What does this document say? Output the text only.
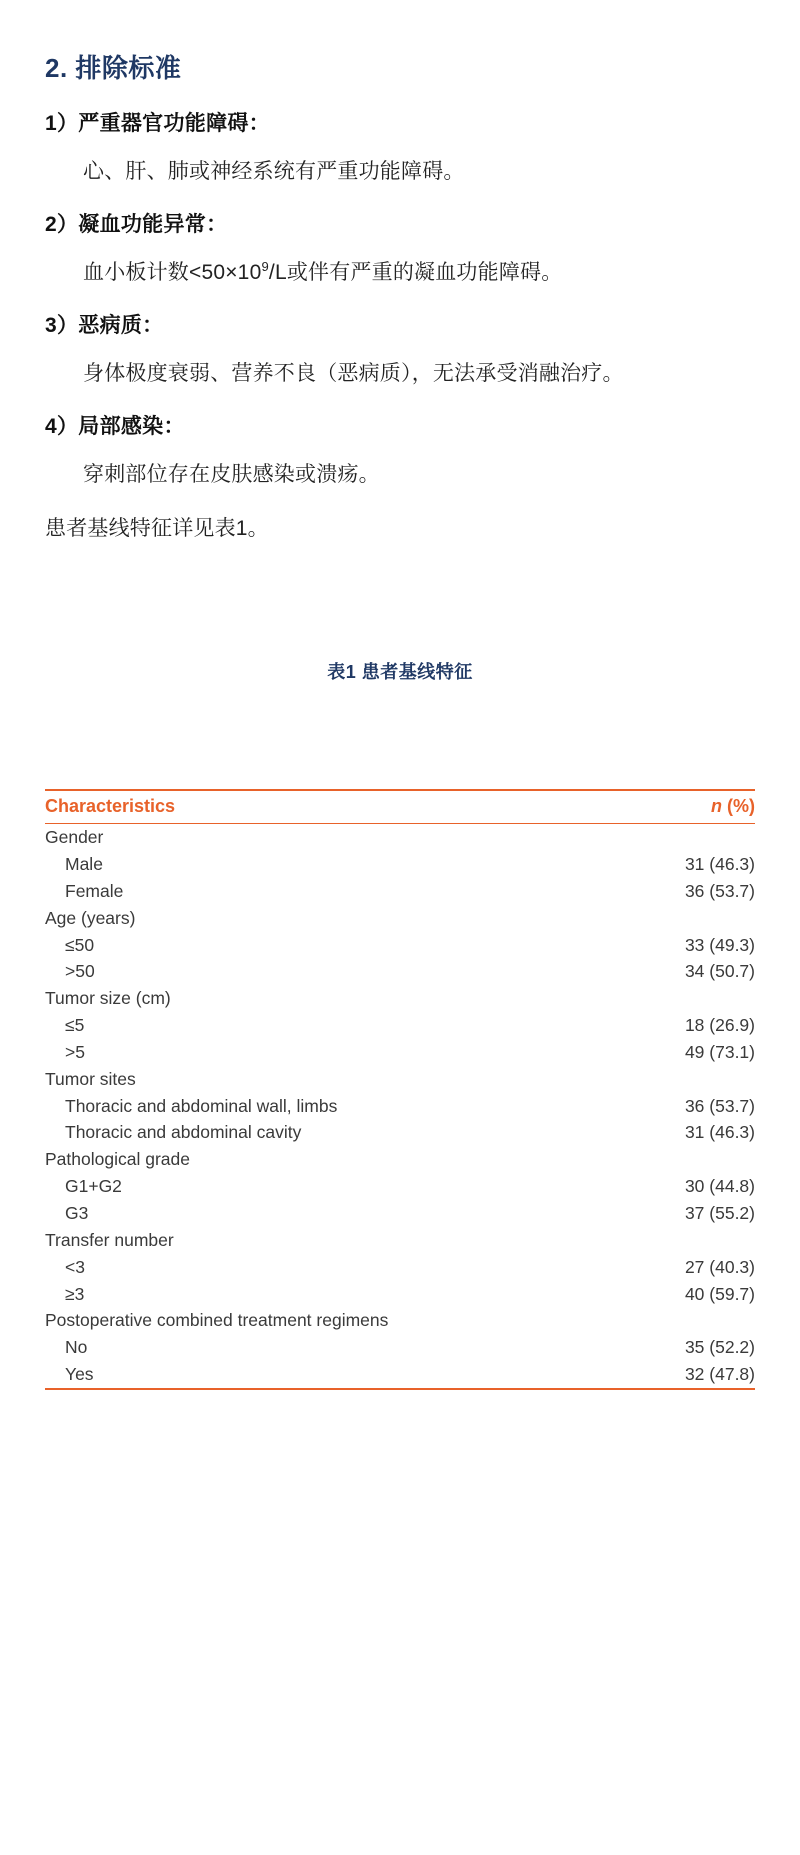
2. 排除标准
1）严重器官功能障碍：

心、肝、肺或神经系统有严重功能障碍。

2）凝血功能异常：

血小板计数$<50\times 10^9/L$或伴有严重的凝血功能障碍。

3）恶病质：

身体极度衰弱、营养不良（恶病质），无法承受消融治疗。

4）局部感染：

穿刺部位存在皮肤感染或溃疡。

患者基线特征详见表1。

表1 患者基线特征
Characteristics	n (%)
Gender	
Male	31 (46.3)
Female	36 (53.7)
Age (years)	
≤50	33 (49.3)
>50	34 (50.7)
Tumor size (cm)	
≤5	18 (26.9)
>5	49 (73.1)
Tumor sites	
Thoracic and abdominal wall, limbs	36 (53.7)
Thoracic and abdominal cavity	31 (46.3)
Pathological grade	
G1+G2	30 (44.8)
G3	37 (55.2)
Transfer number	
<3	27 (40.3)
≥3	40 (59.7)
Postoperative combined treatment regimens	
No	35 (52.2)
Yes	32 (47.8)
